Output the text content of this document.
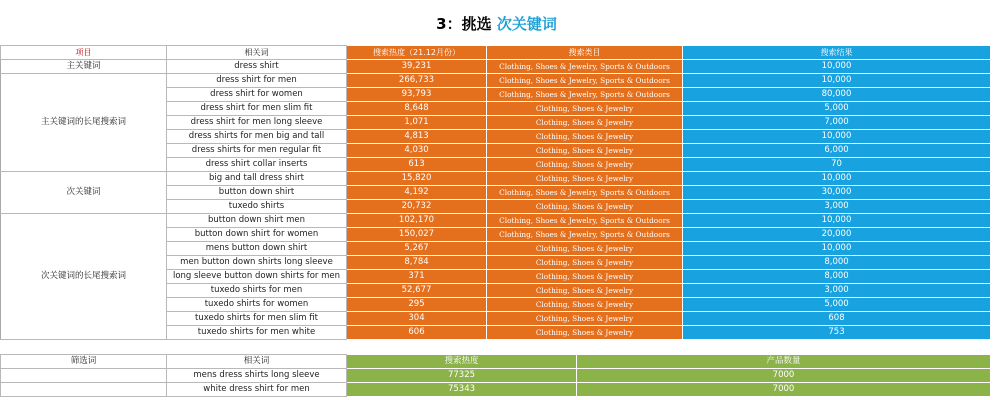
3：挑选 次关键词
项目	相关词	搜索热度（21.12月份）	搜索类目	搜索结果
主关键词	dress shirt	39,231	Clothing, Shoes & Jewelry, Sports & Outdoors	10,000
主关键词的长尾搜索词	dress shirt for men	266,733	Clothing, Shoes & Jewelry, Sports & Outdoors	10,000
	dress shirt for women	93,793	Clothing, Shoes & Jewelry, Sports & Outdoors	80,000
	dress shirt for men slim fit	8,648	Clothing, Shoes & Jewelry	5,000
	dress shirt for men long sleeve	1,071	Clothing, Shoes & Jewelry	7,000
	dress shirts for men big and tall	4,813	Clothing, Shoes & Jewelry	10,000
	dress shirts for men regular fit	4,030	Clothing, Shoes & Jewelry	6,000
	dress shirt collar inserts	613	Clothing, Shoes & Jewelry	70
次关键词	big and tall dress shirt	15,820	Clothing, Shoes & Jewelry	10,000
	button down shirt	4,192	Clothing, Shoes & Jewelry, Sports & Outdoors	30,000
	tuxedo shirts	20,732	Clothing, Shoes & Jewelry	3,000
次关键词的长尾搜索词	button down shirt men	102,170	Clothing, Shoes & Jewelry, Sports & Outdoors	10,000
	button down shirt for women	150,027	Clothing, Shoes & Jewelry, Sports & Outdoors	20,000
	mens button down shirt	5,267	Clothing, Shoes & Jewelry	10,000
	men button down shirts long sleeve	8,784	Clothing, Shoes & Jewelry	8,000
	long sleeve button down shirts for men	371	Clothing, Shoes & Jewelry	8,000
	tuxedo shirts for men	52,677	Clothing, Shoes & Jewelry	3,000
	tuxedo shirts for women	295	Clothing, Shoes & Jewelry	5,000
	tuxedo shirts for men slim fit	304	Clothing, Shoes & Jewelry	608
	tuxedo shirts for men white	606	Clothing, Shoes & Jewelry	753
筛选词	相关词	搜索热度	产品数量
	mens dress shirts long sleeve	77325	7000
	white dress shirt for men	75343	7000
